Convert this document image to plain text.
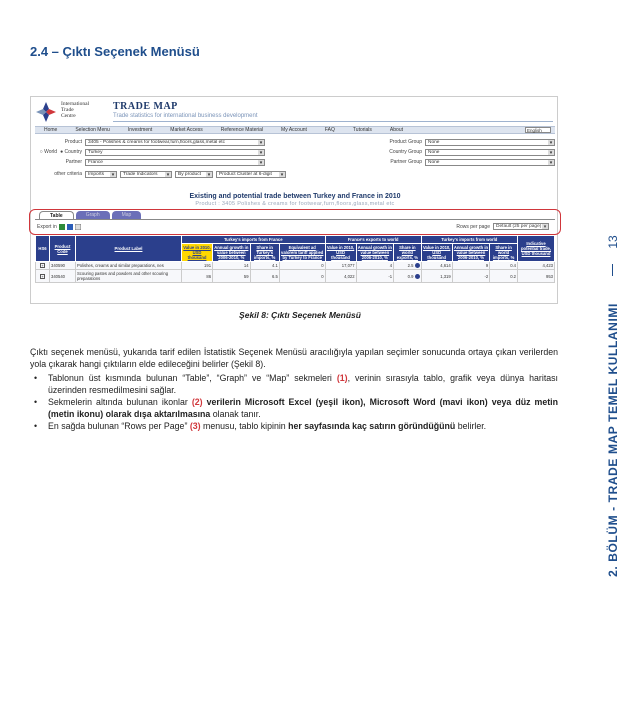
2.4 – Çıktı Seçenek Menüsü
International
Trade
Centre
TRADE MAP
Trade statistics for international business development
Home	Selection Menu	Investment	Market Access	Reference Material	My Account	FAQ	Tutorials	About	English
Product	3405 - Polishes & creams for footwear,furn,floors,glass,metal etc ▾	Product Group	None ▾
○ World ● Country	Turkey ▾	Country Group	None ▾
Partner	France ▾	Partner Group	None ▾
other criteria	Imports ▾	Trade Indicators ▾	By product ▾	Product Cluster at 6-digit ▾
Existing and potential trade between Turkey and France in 2010
Product : 3405 Polishes & creams for footwear,furn,floors,glass,metal etc
Table	Graph	Map
Export in	Rows per page	Default (25 per page) ▾
HS6	Product Code	Product Label	Turkey's imports from France				France's exports to world			Turkey's imports from world			Indicative potential trade, USD thousand
			Value in 2010, USD thousand	Annual growth in value between 2006-2010, %	Share in Turkey's imports, %	Equivalent ad valorem tariff applied by Turkey to France	Value in 2010, USD thousand	Annual growth in value between 2006-2010, %	Share in world exports, %	Value in 2010, USD thousand	Annual growth in value between 2006-2010, %	Share in world imports, %	
+	340590	Polishes, creams and similar preparations, nes	191	14	4.1	0	17,077	4	2.5	4,614	9	0.4	4,423
+	340540	Scouring pastes and powders and other scouring preparations	86	59	6.5	0	4,022	-1	0.9	1,319	-2	0.2	953
Şekil 8: Çıktı Seçenek Menüsü

Çıktı seçenek menüsü, yukarıda tarif edilen İstatistik Seçenek Menüsü aracılığıyla yapılan seçimler sonucunda ortaya çıkan verilerden yola çıkarak hangi çıktıların elde edileceğini belirler (Şekil 8).

• Tablonun üst kısmında bulunan “Table”, “Graph” ve “Map” sekmeleri (1), verinin sırasıyla tablo, grafik veya dünya haritası üzerinden resmedilmesini sağlar.
• Sekmelerin altında bulunan ikonlar (2) verilerin Microsoft Excel (yeşil ikon), Microsoft Word (mavi ikon) veya düz metin (metin ikonu) olarak dışa aktarılmasına olanak tanır.
• En sağda bulunan “Rows per Page” (3) menusu, tablo kipinin her sayfasında kaç satırın göründüğünü belirler.
13
2. BÖLÜM - TRADE MAP TEMEL KULLANIMI
